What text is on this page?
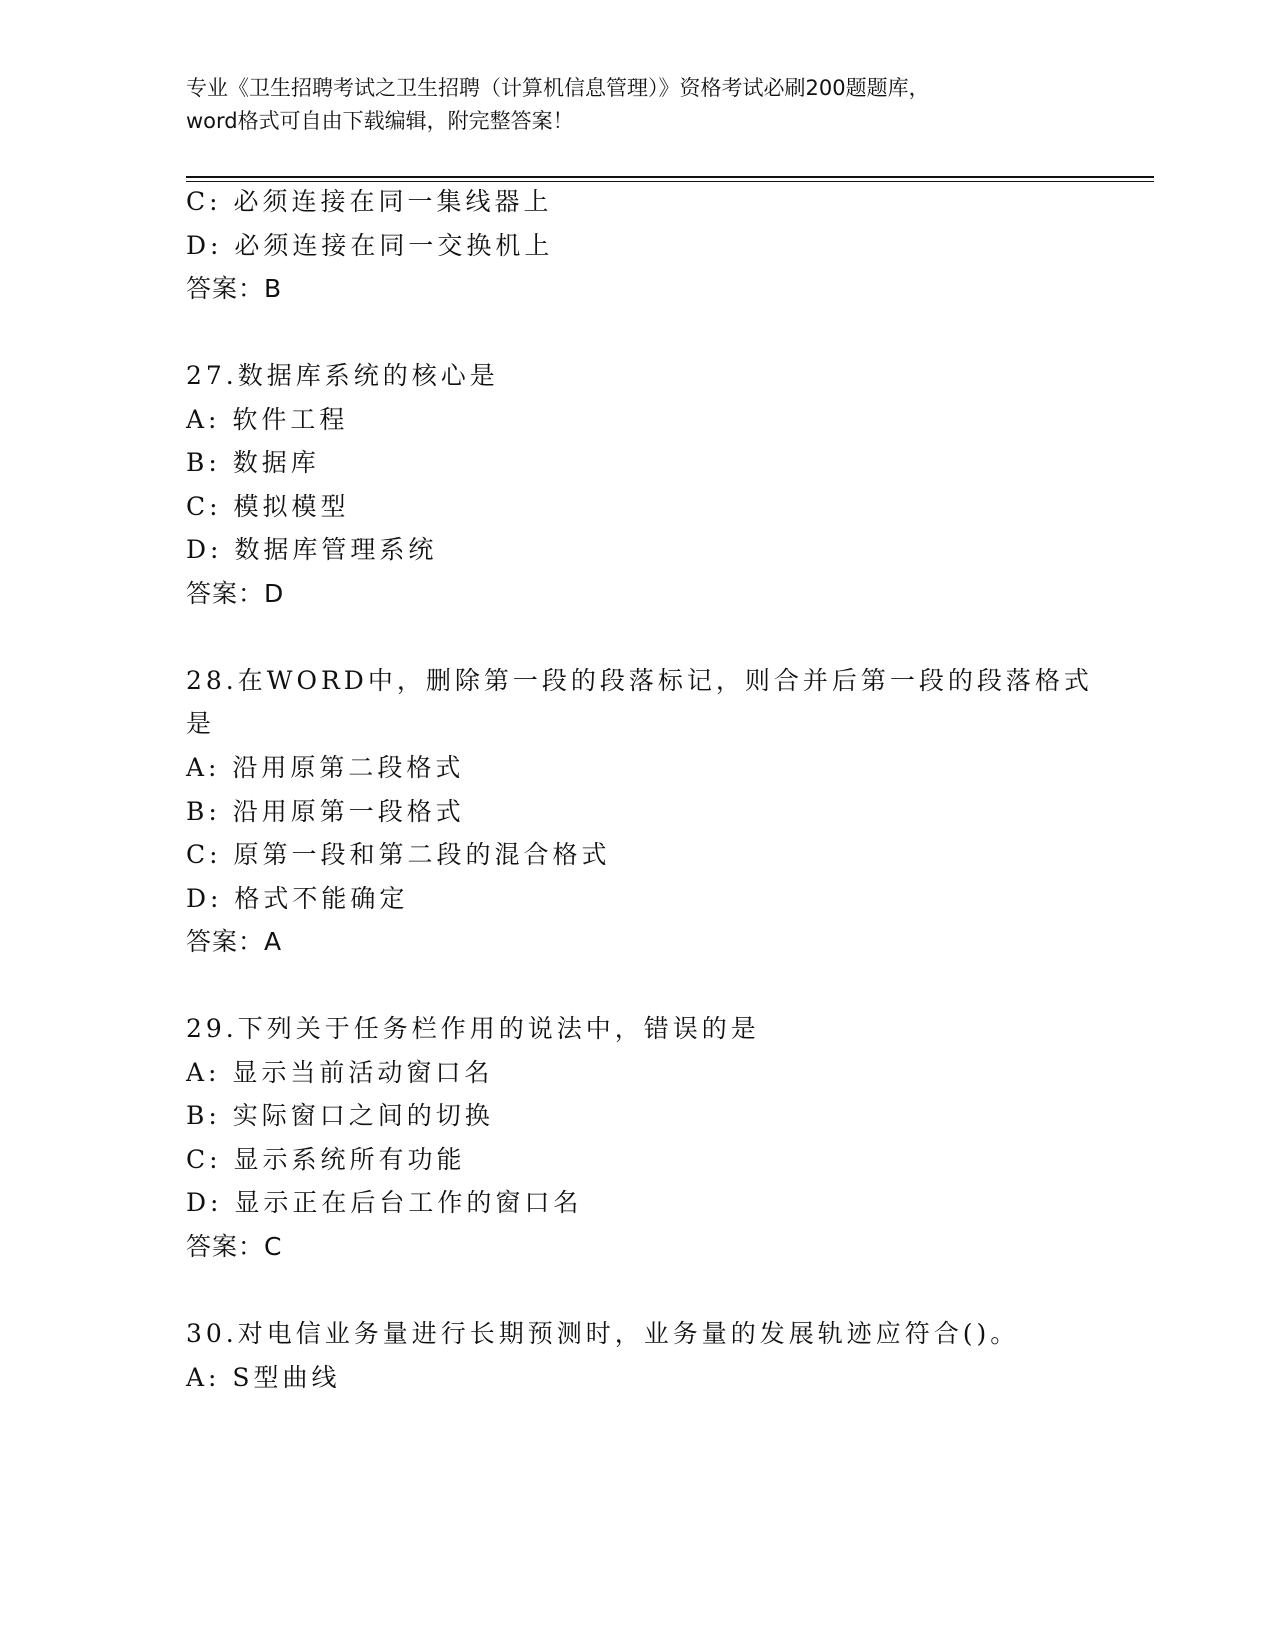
专业《卫生招聘考试之卫生招聘（计算机信息管理）》资格考试必刷200题题库，
word格式可自由下载编辑，附完整答案！
C: 必须连接在同一集线器上
D: 必须连接在同一交换机上
答案：B
27.数据库系统的核心是
A: 软件工程
B: 数据库
C: 模拟模型
D: 数据库管理系统
答案：D
28.在WORD中，删除第一段的段落标记，则合并后第一段的段落格式
是
A: 沿用原第二段格式
B: 沿用原第一段格式
C: 原第一段和第二段的混合格式
D: 格式不能确定
答案：A
29.下列关于任务栏作用的说法中，错误的是
A: 显示当前活动窗口名
B: 实际窗口之间的切换
C: 显示系统所有功能
D: 显示正在后台工作的窗口名
答案：C
30.对电信业务量进行长期预测时，业务量的发展轨迹应符合()。
A: S型曲线
